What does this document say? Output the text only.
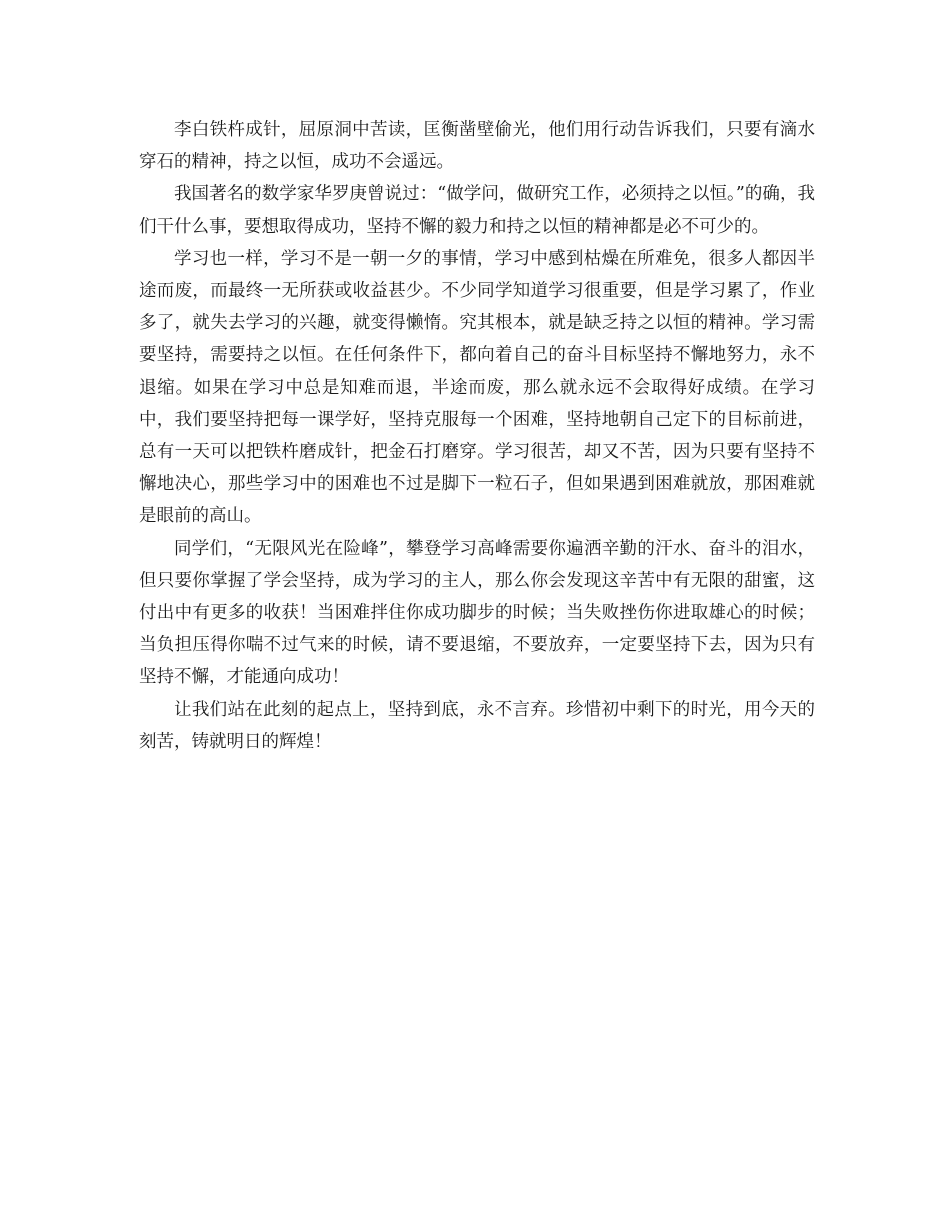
李白铁杵成针，屈原洞中苦读，匡衡凿壁偷光，他们用行动告诉我们，只要有滴水穿石的精神，持之以恒，成功不会遥远。

我国著名的数学家华罗庚曾说过：“做学问，做研究工作，必须持之以恒。”的确，我们干什么事，要想取得成功，坚持不懈的毅力和持之以恒的精神都是必不可少的。

学习也一样，学习不是一朝一夕的事情，学习中感到枯燥在所难免，很多人都因半途而废，而最终一无所获或收益甚少。不少同学知道学习很重要，但是学习累了，作业多了，就失去学习的兴趣，就变得懒惰。究其根本，就是缺乏持之以恒的精神。学习需要坚持，需要持之以恒。在任何条件下，都向着自己的奋斗目标坚持不懈地努力，永不退缩。如果在学习中总是知难而退，半途而废，那么就永远不会取得好成绩。在学习中，我们要坚持把每一课学好，坚持克服每一个困难，坚持地朝自己定下的目标前进，总有一天可以把铁杵磨成针，把金石打磨穿。学习很苦，却又不苦，因为只要有坚持不懈地决心，那些学习中的困难也不过是脚下一粒石子，但如果遇到困难就放，那困难就是眼前的高山。

同学们，“无限风光在险峰”，攀登学习高峰需要你遍洒辛勤的汗水、奋斗的泪水，但只要你掌握了学会坚持，成为学习的主人，那么你会发现这辛苦中有无限的甜蜜，这付出中有更多的收获！当困难拌住你成功脚步的时候；当失败挫伤你进取雄心的时候；当负担压得你喘不过气来的时候，请不要退缩，不要放弃，一定要坚持下去，因为只有坚持不懈，才能通向成功！

让我们站在此刻的起点上，坚持到底，永不言弃。珍惜初中剩下的时光，用今天的刻苦，铸就明日的辉煌！
